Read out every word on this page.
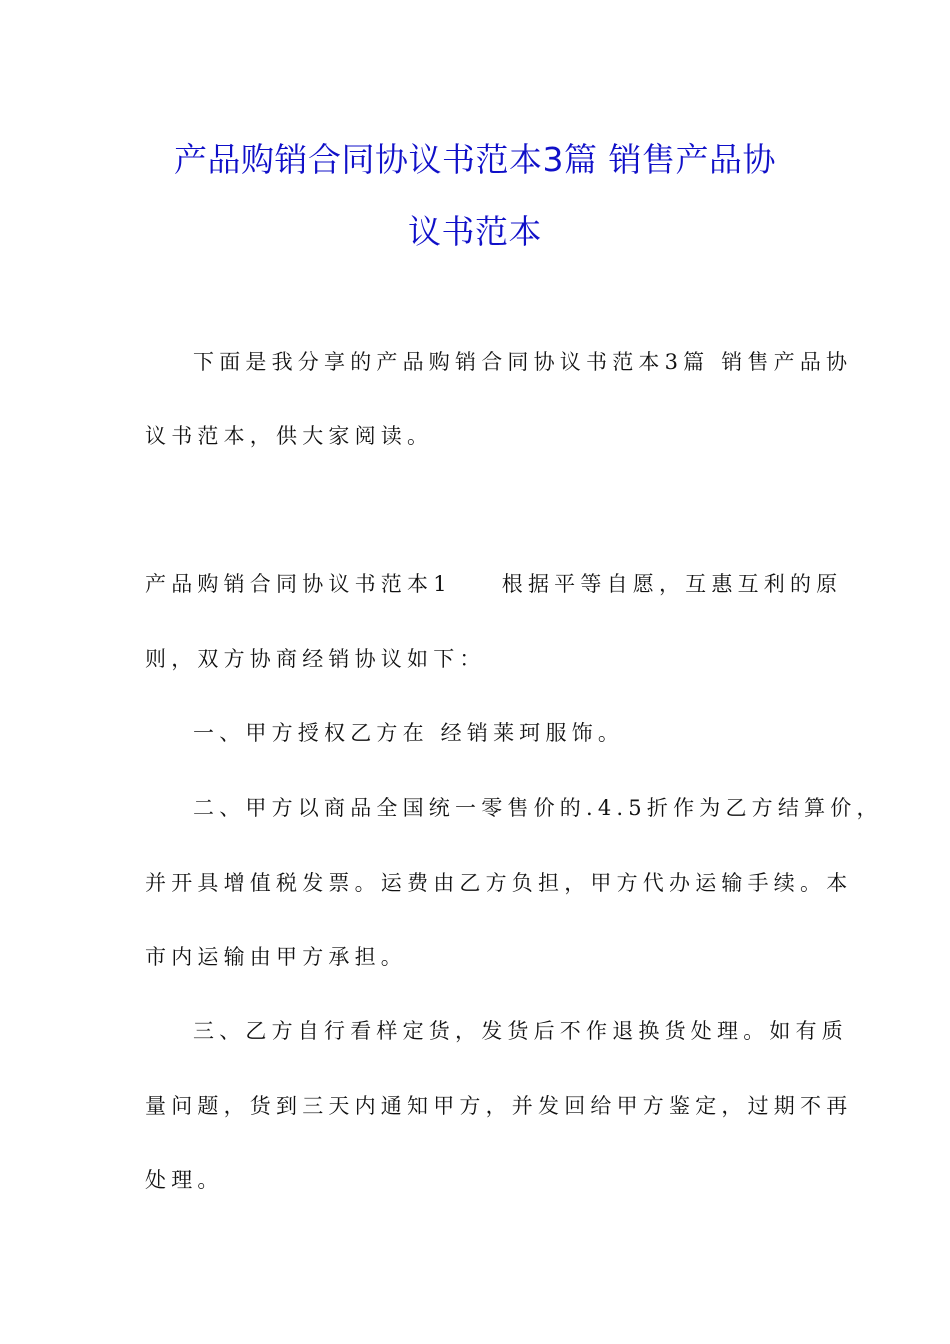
产品购销合同协议书范本3篇 销售产品协
议书范本
下面是我分享的产品购销合同协议书范本3篇 销售产品协
议书范本，供大家阅读。
产品购销合同协议书范本1 根据平等自愿，互惠互利的原
则，双方协商经销协议如下：
一、甲方授权乙方在 经销莱珂服饰。
二、甲方以商品全国统一零售价的.4.5折作为乙方结算价，
并开具增值税发票。运费由乙方负担，甲方代办运输手续。本
市内运输由甲方承担。
三、乙方自行看样定货，发货后不作退换货处理。如有质
量问题，货到三天内通知甲方，并发回给甲方鉴定，过期不再
处理。
